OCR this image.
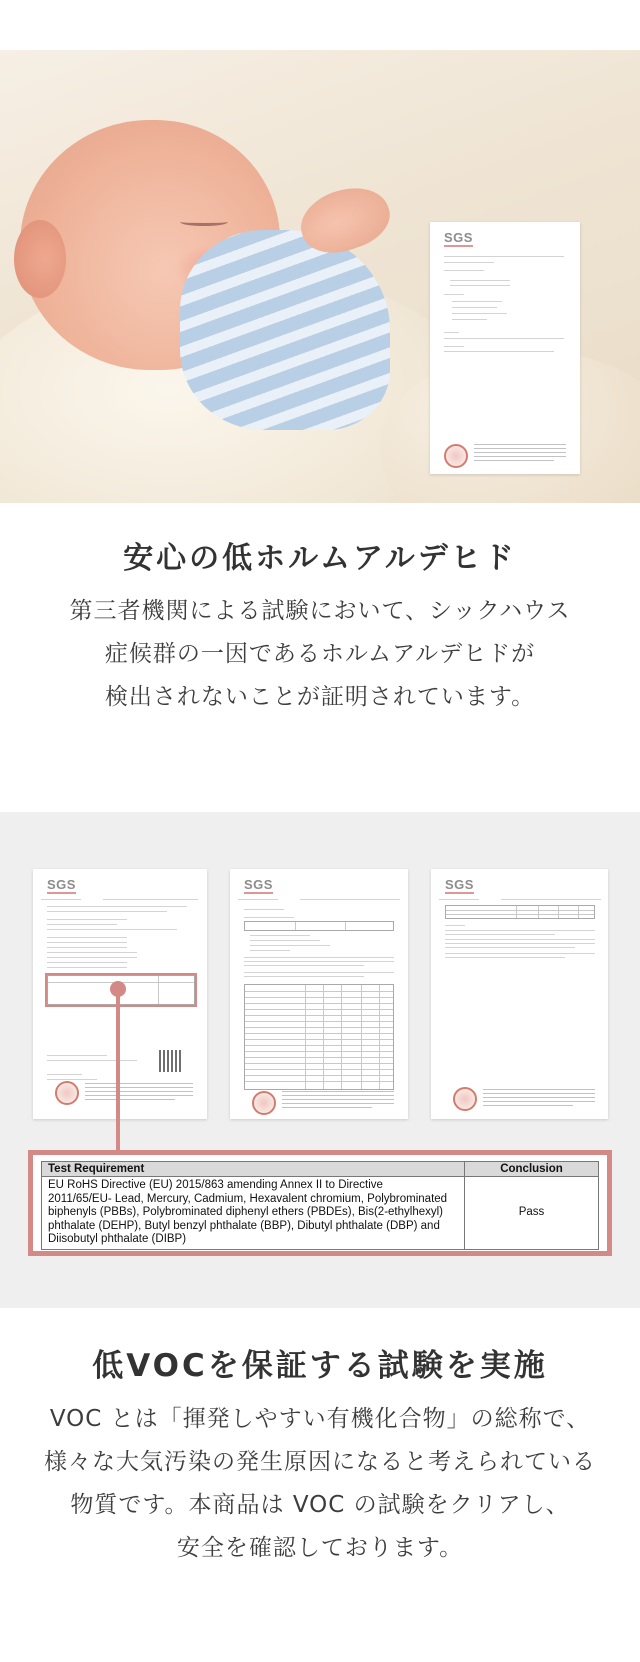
SGS
安心の低ホルムアルデヒド
第三者機関による試験において、シックハウス
症候群の一因であるホルムアルデヒドが
検出されないことが証明されています。
SGS	SGS	SGS
Test Requirement	Conclusion

EU RoHS Directive (EU) 2015/863 amending Annex II to Directive
2011/65/EU- Lead, Mercury, Cadmium, Hexavalent chromium, Polybrominated
biphenyls (PBBs), Polybrominated diphenyl ethers (PBDEs), Bis(2-ethylhexyl)
phthalate (DEHP), Butyl benzyl phthalate (BBP), Dibutyl phthalate (DBP) and
Diisobutyl phthalate (DIBP)	Pass
低VOCを保証する試験を実施
VOC とは「揮発しやすい有機化合物」の総称で、
様々な大気汚染の発生原因になると考えられている
物質です。本商品は VOC の試験をクリアし、
安全を確認しております。
